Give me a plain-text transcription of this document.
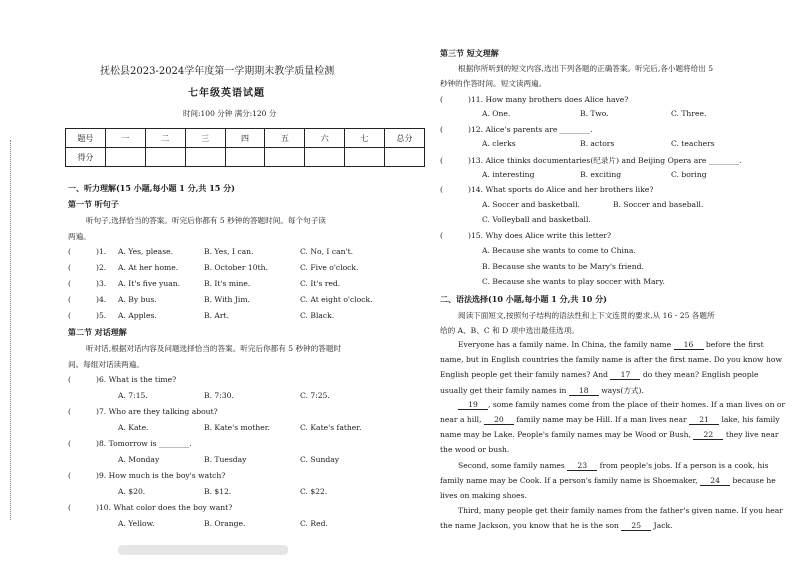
抚松县2023-2024学年度第一学期期末教学质量检测
七年级英语试题
时间:100 分钟 满分:120 分
题号	一	二	三	四	五	六	七	总分
得分								
一、听力理解(15 小题,每小题 1 分,共 15 分)
第一节 听句子
听句子,选择恰当的答案。听完后你都有 5 秒钟的答题时间。每个句子读
两遍。
(	)1. A. Yes, please.	B. Yes, I can.	C. No, I can't.
(	)2. A. At her home.	B. October 10th.	C. Five o'clock.
(	)3. A. It's five yuan.	B. It's mine.	C. It's red.
(	)4. A. By bus.	B. With Jim.	C. At eight o'clock.
(	)5. A. Apples.	B. Art.	C. Black.
第二节 对话理解
听对话,根据对话内容及问题选择恰当的答案。听完后你都有 5 秒钟的答题时
间。每组对话读两遍。
(	)6. What is the time?
A. 7:15.	B. 7:30.	C. 7:25.
(	)7. Who are they talking about?
A. Kate.	B. Kate's mother.	C. Kate's father.
(	)8. Tomorrow is ________.
A. Monday	B. Tuesday	C. Sunday
(	)9. How much is the boy's watch?
A. $20.	B. $12.	C. $22.
(	)10. What color does the boy want?
A. Yellow.	B. Orange.	C. Red.
第三节 短文理解
根据你所听到的短文内容,选出下列各题的正确答案。听完后,各小题将给出 5
秒钟的作答时间。短文读两遍。
(	)11. How many brothers does Alice have?
A. One.	B. Two.	C. Three.
(	)12. Alice's parents are ________.
A. clerks	B. actors	C. teachers
(	)13. Alice thinks documentaries(纪录片) and Beijing Opera are ________.
A. interesting	B. exciting	C. boring
(	)14. What sports do Alice and her brothers like?
A. Soccer and basketball.	B. Soccer and baseball.
C. Volleyball and basketball.
(	)15. Why does Alice write this letter?
A. Because she wants to come to China.
B. Because she wants to be Mary's friend.
C. Because she wants to play soccer with Mary.
二、语法选择(10 小题,每小题 1 分,共 10 分)
阅读下面短文,按照句子结构的语法性和上下文连贯的要求,从 16 - 25 各题所
给的 A、B、C 和 D 项中选出最佳选项。
Everyone has a family name. In China, the family name 16 before the first
name, but in English countries the family name is after the first name. Do you know how
English people get their family names? And 17 do they mean? English people
usually get their family names in 18 ways(方式).
19 , some family names come from the place of their homes. If a man lives on or
near a hill, 20 family name may be Hill. If a man lives near 21 lake, his family
name may be Lake. People's family names may be Wood or Bush, 22 they live near
the wood or bush.
Second, some family names 23 from people's jobs. If a person is a cook, his
family name may be Cook. If a person's family name is Shoemaker, 24 because he
lives on making shoes.
Third, many people get their family names from the father's given name. If you hear
the name Jackson, you know that he is the son 25 Jack.
